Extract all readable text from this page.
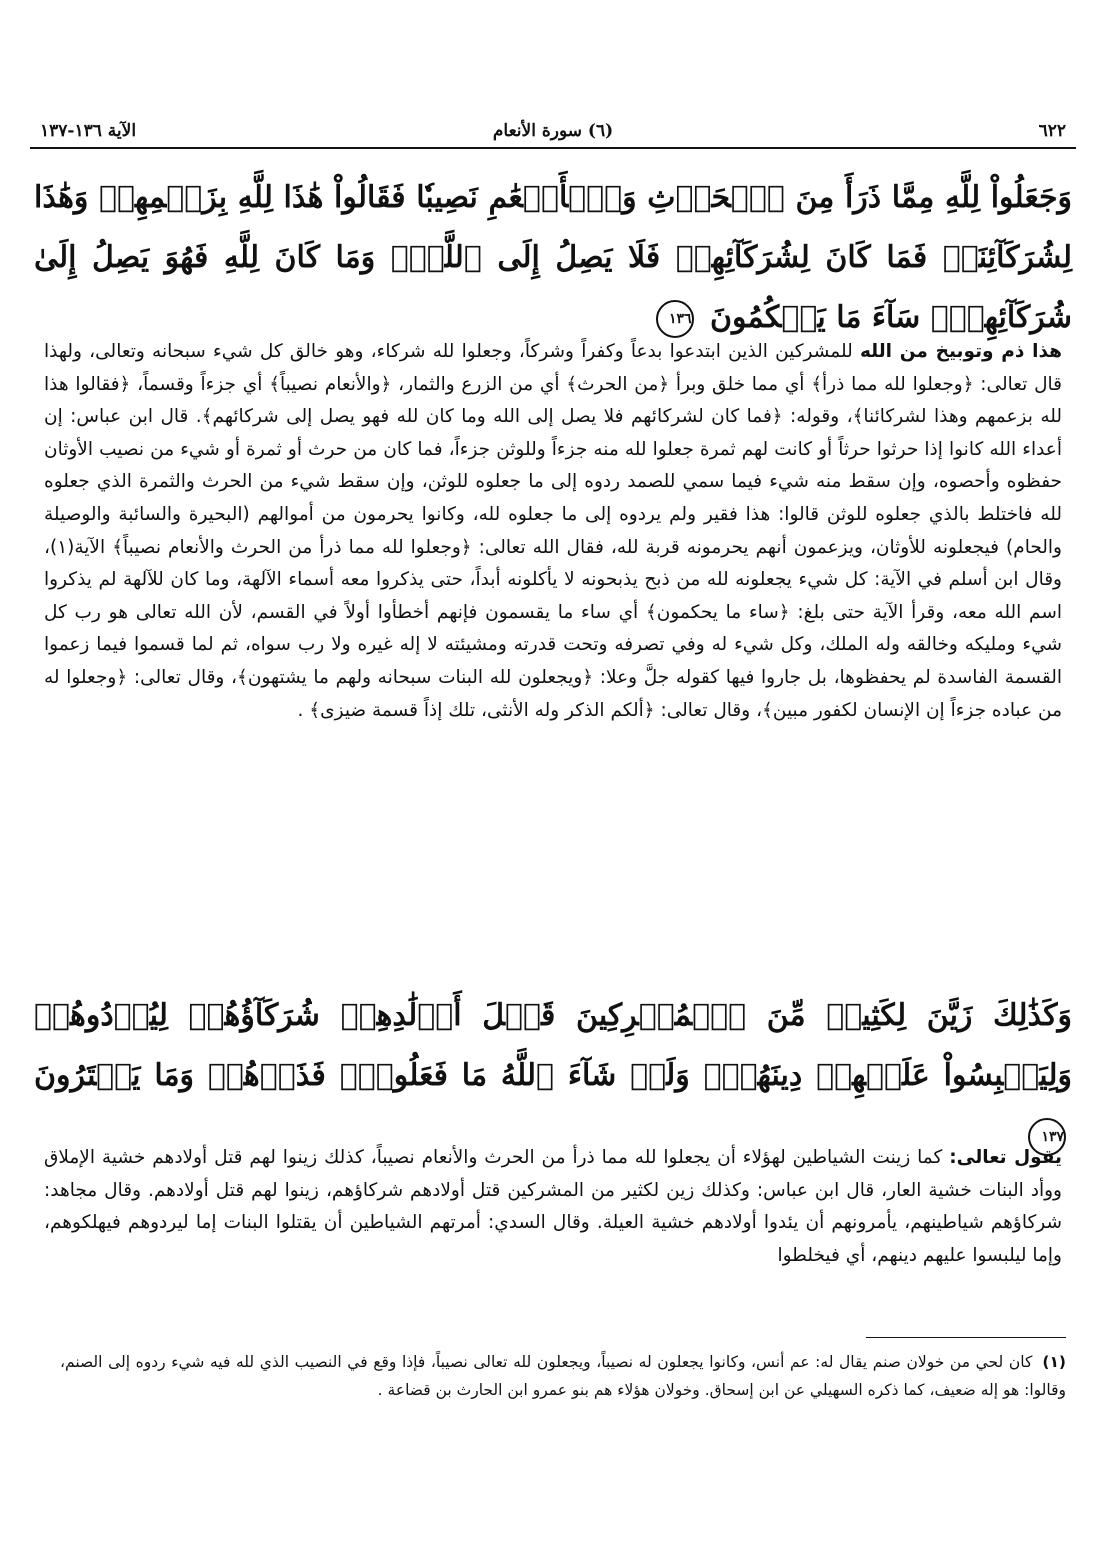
٦٢٢
(٦) سورة الأنعام
الآية ١٣٦-١٣٧
وَجَعَلُواْ لِلَّهِ مِمَّا ذَرَأَ مِنَ ٱلۡحَرۡثِ وَٱلۡأَنۡعَٰمِ نَصِيبٗا فَقَالُواْ هَٰذَا لِلَّهِ بِزَعۡمِهِمۡ وَهَٰذَا لِشُرَكَآئِنَاۖ فَمَا كَانَ لِشُرَكَآئِهِمۡ فَلَا يَصِلُ إِلَى ٱللَّهِۖ وَمَا كَانَ لِلَّهِ فَهُوَ يَصِلُ إِلَىٰ شُرَكَآئِهِمۡۗ سَآءَ مَا يَحۡكُمُونَ ١٣٦
هذا ذم وتوبيخ من الله للمشركين الذين ابتدعوا بدعاً وكفراً وشركاً، وجعلوا لله شركاء، وهو خالق كل شيء سبحانه وتعالى، ولهذا قال تعالى: ﴿وجعلوا لله مما ذرأ﴾ أي مما خلق وبرأ ﴿من الحرث﴾ أي من الزرع والثمار، ﴿والأنعام نصيباً﴾ أي جزءاً وقسماً، ﴿فقالوا هذا لله بزعمهم وهذا لشركائنا﴾، وقوله: ﴿فما كان لشركائهم فلا يصل إلى الله وما كان لله فهو يصل إلى شركائهم﴾. قال ابن عباس: إن أعداء الله كانوا إذا حرثوا حرثاً أو كانت لهم ثمرة جعلوا لله منه جزءاً وللوثن جزءاً، فما كان من حرث أو ثمرة أو شيء من نصيب الأوثان حفظوه وأحصوه، وإن سقط منه شيء فيما سمي للصمد ردوه إلى ما جعلوه للوثن، وإن سقط شيء من الحرث والثمرة الذي جعلوه لله فاختلط بالذي جعلوه للوثن قالوا: هذا فقير ولم يردوه إلى ما جعلوه لله، وكانوا يحرمون من أموالهم (البحيرة والسائبة والوصيلة والحام) فيجعلونه للأوثان، ويزعمون أنهم يحرمونه قربة لله، فقال الله تعالى: ﴿وجعلوا لله مما ذرأ من الحرث والأنعام نصيباً﴾ الآية(١)، وقال ابن أسلم في الآية: كل شيء يجعلونه لله من ذبح يذبحونه لا يأكلونه أبداً، حتى يذكروا معه أسماء الآلهة، وما كان للآلهة لم يذكروا اسم الله معه، وقرأ الآية حتى بلغ: ﴿ساء ما يحكمون﴾ أي ساء ما يقسمون فإنهم أخطأوا أولاً في القسم، لأن الله تعالى هو رب كل شيء ومليكه وخالقه وله الملك، وكل شيء له وفي تصرفه وتحت قدرته ومشيئته لا إله غيره ولا رب سواه، ثم لما قسموا فيما زعموا القسمة الفاسدة لم يحفظوها، بل جاروا فيها كقوله جلَّ وعلا: ﴿ويجعلون لله البنات سبحانه ولهم ما يشتهون﴾، وقال تعالى: ﴿وجعلوا له من عباده جزءاً إن الإنسان لكفور مبين﴾، وقال تعالى: ﴿ألكم الذكر وله الأنثى، تلك إذاً قسمة ضيزى﴾ .
وَكَذَٰلِكَ زَيَّنَ لِكَثِيرٖ مِّنَ ٱلۡمُشۡرِكِينَ قَتۡلَ أَوۡلَٰدِهِمۡ شُرَكَآؤُهُمۡ لِيُرۡدُوهُمۡ وَلِيَلۡبِسُواْ عَلَيۡهِمۡ دِينَهُمۡۖ وَلَوۡ شَآءَ ٱللَّهُ مَا فَعَلُوهُۖ فَذَرۡهُمۡ وَمَا يَفۡتَرُونَ ١٣٧
يقول تعالى: كما زينت الشياطين لهؤلاء أن يجعلوا لله مما ذرأ من الحرث والأنعام نصيباً، كذلك زينوا لهم قتل أولادهم خشية الإملاق ووأد البنات خشية العار، قال ابن عباس: وكذلك زين لكثير من المشركين قتل أولادهم شركاؤهم، زينوا لهم قتل أولادهم. وقال مجاهد: شركاؤهم شياطينهم، يأمرونهم أن يئدوا أولادهم خشية العيلة. وقال السدي: أمرتهم الشياطين أن يقتلوا البنات إما ليردوهم فيهلكوهم، وإما ليلبسوا عليهم دينهم، أي فيخلطوا
(١)كان لحي من خولان صنم يقال له: عم أنس، وكانوا يجعلون له نصيباً، ويجعلون لله تعالى نصيباً، فإذا وقع في النصيب الذي لله فيه شيء ردوه إلى الصنم، وقالوا: هو إله ضعيف، كما ذكره السهيلي عن ابن إسحاق. وخولان هؤلاء هم بنو عمرو ابن الحارث بن قضاعة .
